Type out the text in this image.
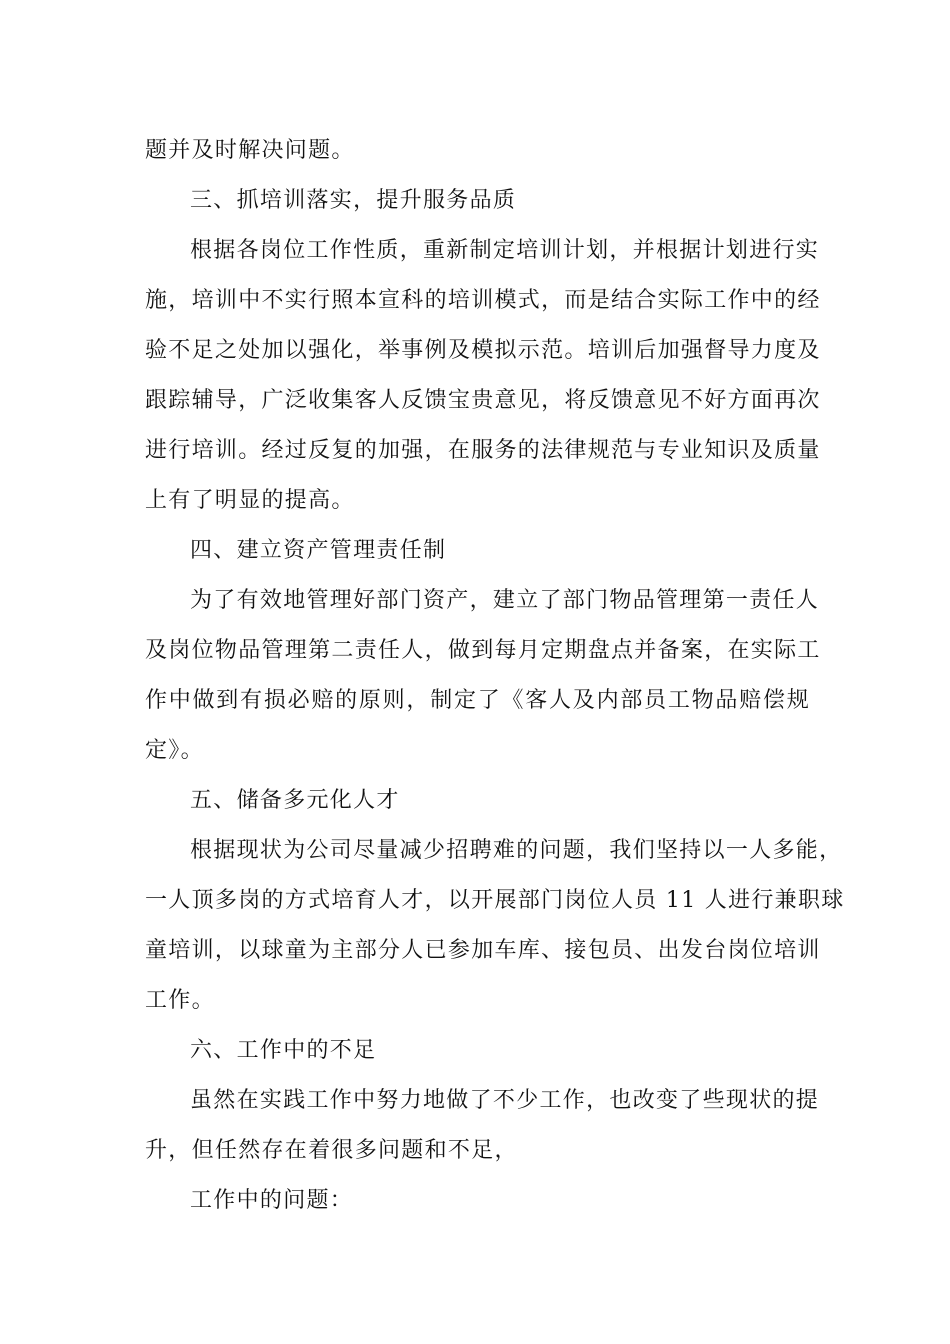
题并及时解决问题。
三、抓培训落实，提升服务品质
根据各岗位工作性质，重新制定培训计划，并根据计划进行实
施，培训中不实行照本宣科的培训模式，而是结合实际工作中的经
验不足之处加以强化，举事例及模拟示范。培训后加强督导力度及
跟踪辅导，广泛收集客人反馈宝贵意见，将反馈意见不好方面再次
进行培训。经过反复的加强，在服务的法律规范与专业知识及质量
上有了明显的提高。
四、建立资产管理责任制
为了有效地管理好部门资产，建立了部门物品管理第一责任人
及岗位物品管理第二责任人，做到每月定期盘点并备案，在实际工
作中做到有损必赔的原则，制定了《客人及内部员工物品赔偿规
定》。
五、储备多元化人才
根据现状为公司尽量减少招聘难的问题，我们坚持以一人多能，
一人顶多岗的方式培育人才，以开展部门岗位人员 11 人进行兼职球
童培训，以球童为主部分人已参加车库、接包员、出发台岗位培训
工作。
六、工作中的不足
虽然在实践工作中努力地做了不少工作，也改变了些现状的提
升，但任然存在着很多问题和不足，
工作中的问题：
